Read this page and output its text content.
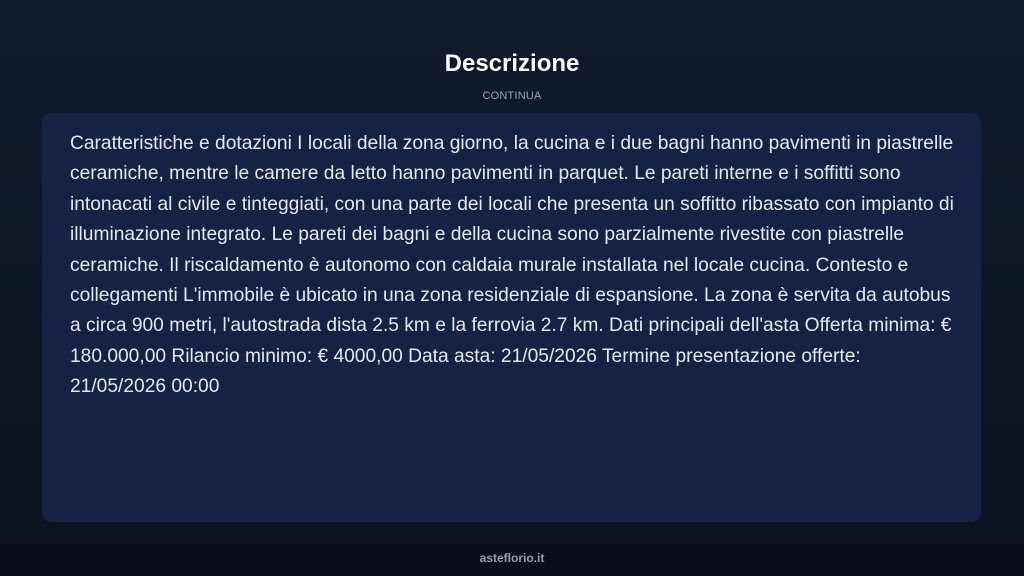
Descrizione
CONTINUA

Caratteristiche e dotazioni I locali della zona giorno, la cucina e i due bagni hanno pavimenti in piastrelle ceramiche, mentre le camere da letto hanno pavimenti in parquet. Le pareti interne e i soffitti sono intonacati al civile e tinteggiati, con una parte dei locali che presenta un soffitto ribassato con impianto di illuminazione integrato. Le pareti dei bagni e della cucina sono parzialmente rivestite con piastrelle ceramiche. Il riscaldamento è autonomo con caldaia murale installata nel locale cucina. Contesto e collegamenti L'immobile è ubicato in una zona residenziale di espansione. La zona è servita da autobus a circa 900 metri, l'autostrada dista 2.5 km e la ferrovia 2.7 km. Dati principali dell'asta Offerta minima: € 180.000,00 Rilancio minimo: € 4000,00 Data asta: 21/05/2026 Termine presentazione offerte: 21/05/2026 00:00

asteflorio.it
